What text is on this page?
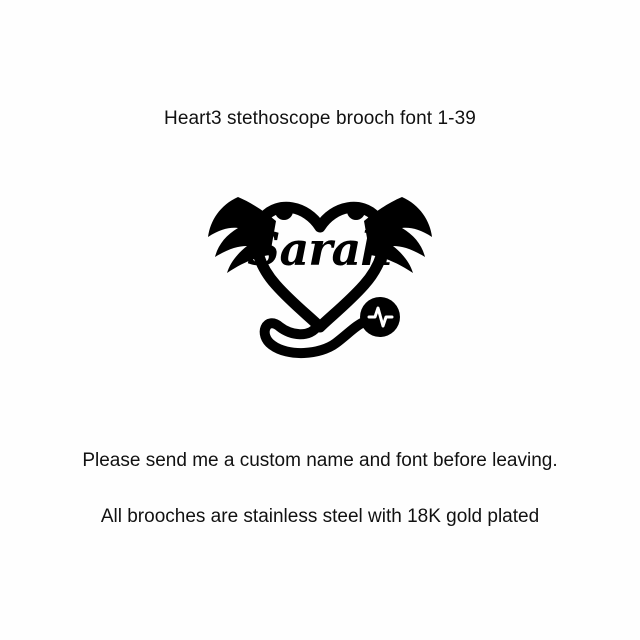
Heart3 stethoscope brooch font 1-39
Sarah
Please send me a custom name and font before leaving.
All brooches are stainless steel with 18K gold plated
